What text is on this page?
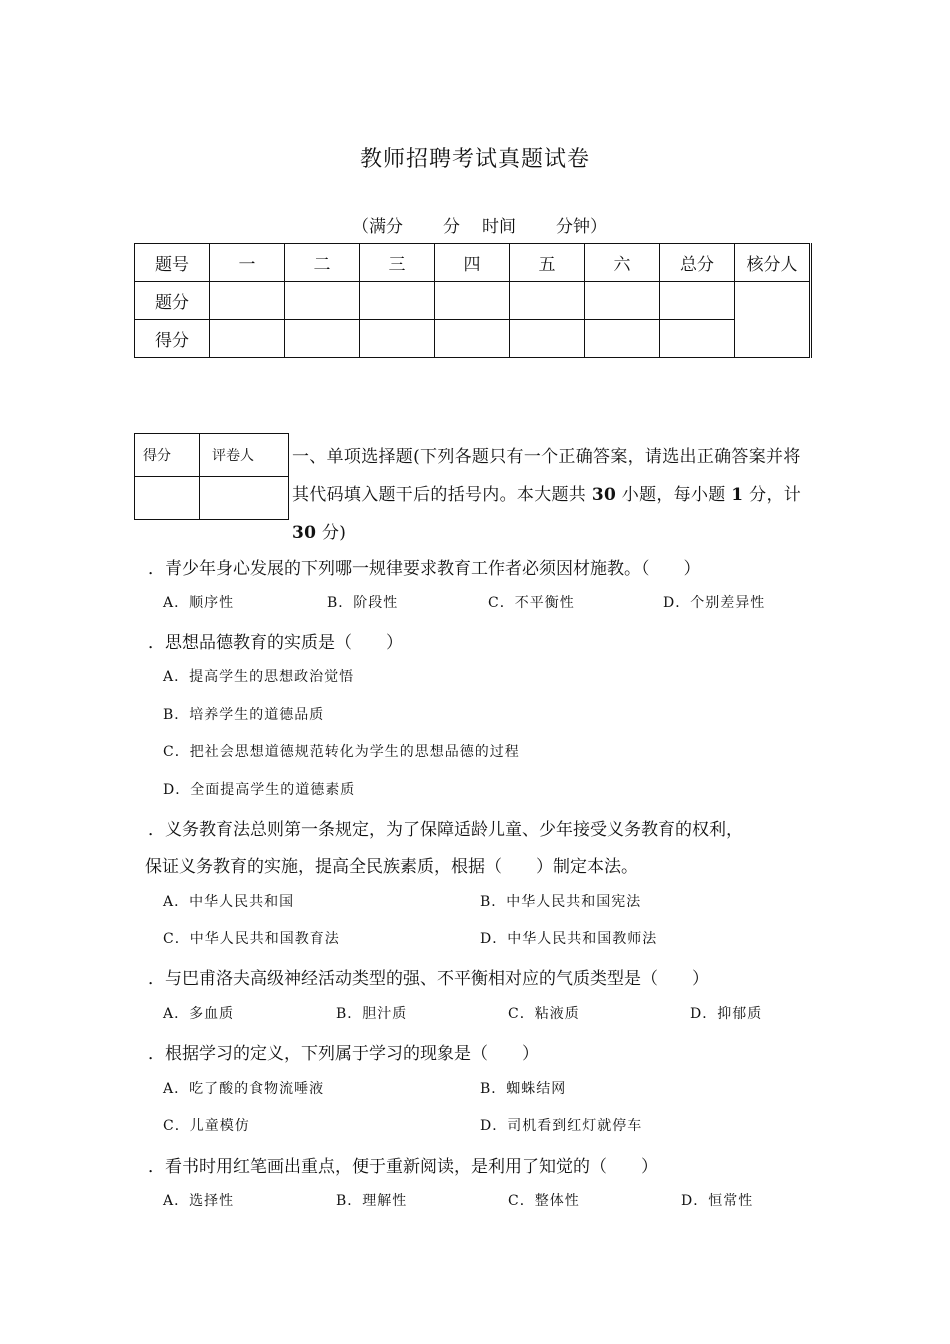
教师招聘考试真题试卷
（满分 分 时间 分钟）
题号	一	二	三	四	五	六	总分	核分人
题分								
得分								
得分	评卷人
	一、单项选择题(下列各题只有一个正确答案，请选出正确答案并将其代码填入题干后的括号内。本大题共 30 小题，每小题 1 分，计 30 分)
．青少年身心发展的下列哪一规律要求教育工作者必须因材施教。（　　）
A．顺序性	B．阶段性	C．不平衡性	D．个别差异性
．思想品德教育的实质是（　　）
A．提高学生的思想政治觉悟
B．培养学生的道德品质
C．把社会思想道德规范转化为学生的思想品德的过程
D．全面提高学生的道德素质
．义务教育法总则第一条规定，为了保障适龄儿童、少年接受义务教育的权利，
保证义务教育的实施，提高全民族素质，根据（　　）制定本法。
A．中华人民共和国	B．中华人民共和国宪法
C．中华人民共和国教育法	D．中华人民共和国教师法
．与巴甫洛夫高级神经活动类型的强、不平衡相对应的气质类型是（　　）
A．多血质	B．胆汁质	C．粘液质	D．抑郁质
．根据学习的定义，下列属于学习的现象是（　　）
A．吃了酸的食物流唾液	B．蜘蛛结网
C．儿童模仿	D．司机看到红灯就停车
．看书时用红笔画出重点，便于重新阅读，是利用了知觉的（　　）
A．选择性	B．理解性	C．整体性	D．恒常性
